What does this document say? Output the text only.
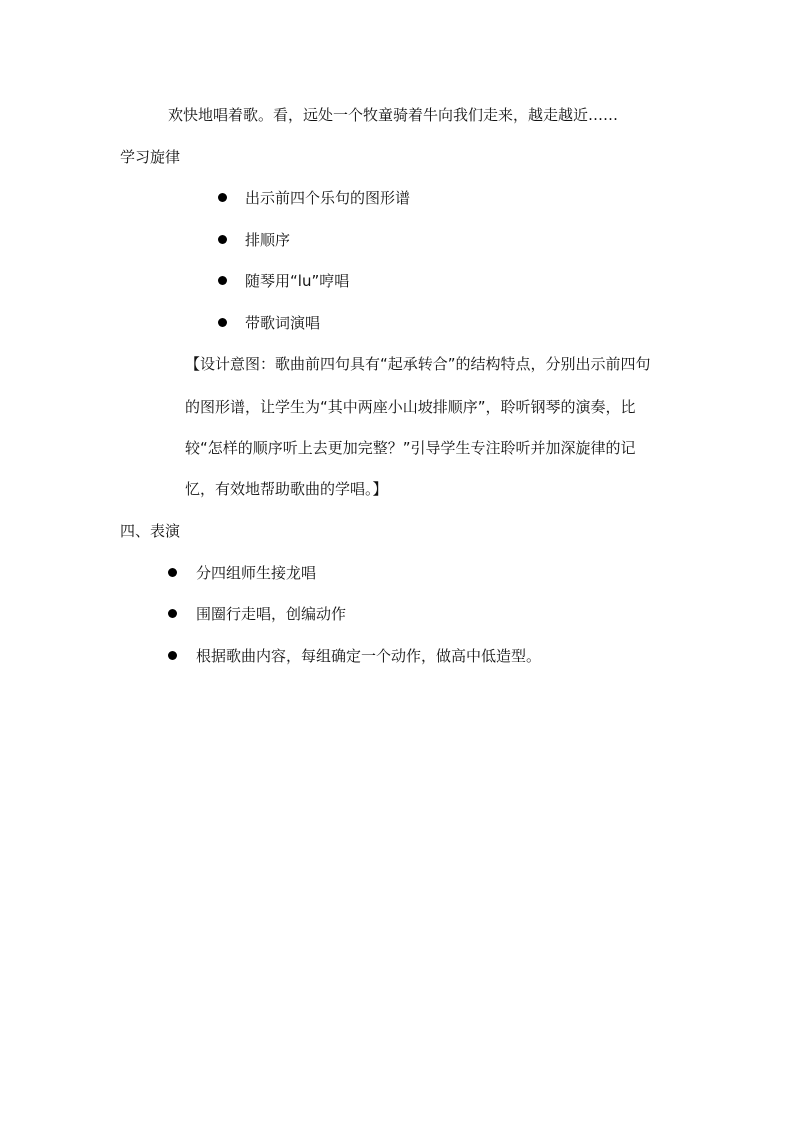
欢快地唱着歌。看，远处一个牧童骑着牛向我们走来，越走越近……
学习旋律
出示前四个乐句的图形谱
排顺序
随琴用“lu”哼唱
带歌词演唱
【设计意图：歌曲前四句具有“起承转合”的结构特点，分别出示前四句
的图形谱，让学生为“其中两座小山坡排顺序”，聆听钢琴的演奏，比
较“怎样的顺序听上去更加完整？”引导学生专注聆听并加深旋律的记
忆，有效地帮助歌曲的学唱。】
四、表演
分四组师生接龙唱
围圈行走唱，创编动作
根据歌曲内容，每组确定一个动作，做高中低造型。
